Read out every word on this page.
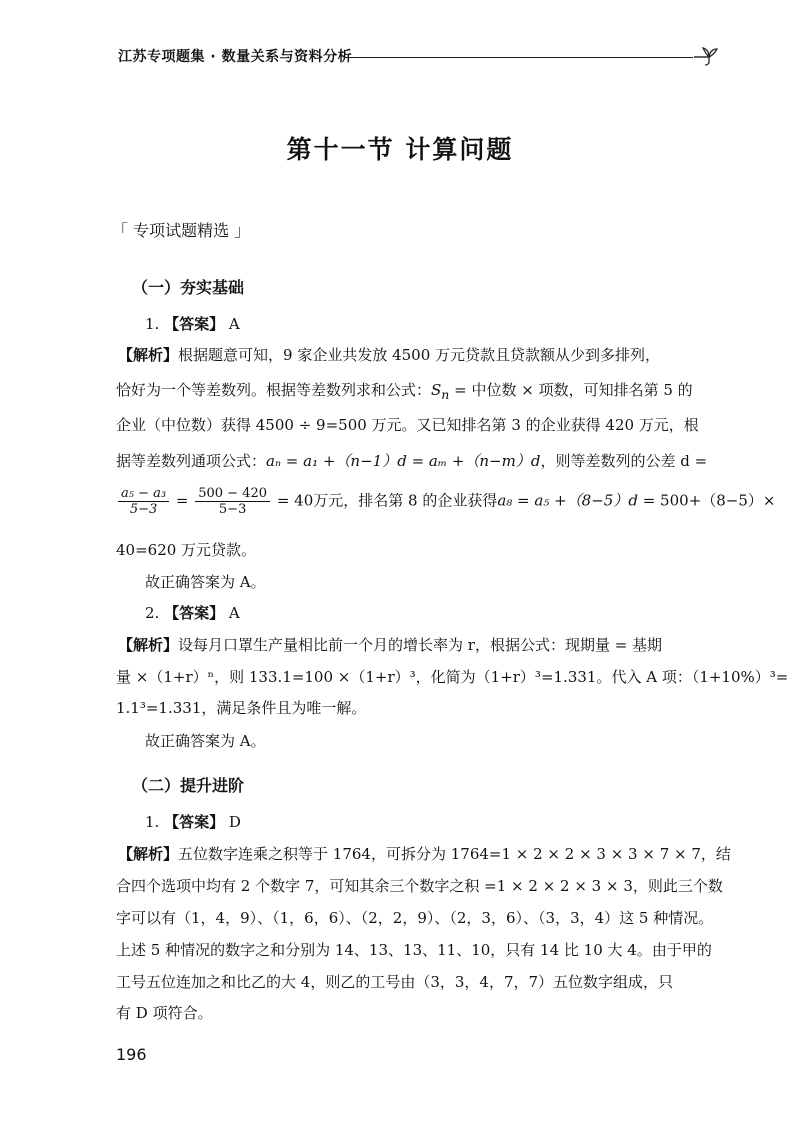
江苏专项题集 · 数量关系与资料分析
第十一节 计算问题
「 专项试题精选 」
（一）夯实基础
1. 【答案】 A
【解析】根据题意可知，9 家企业共发放 4500 万元贷款且贷款额从少到多排列，
恰好为一个等差数列。根据等差数列求和公式：$S_n$ = 中位数 × 项数，可知排名第 5 的
企业（中位数）获得 4500 ÷ 9=500 万元。又已知排名第 3 的企业获得 420 万元，根
据等差数列通项公式：aₙ = a₁ +（n−1）d = aₘ +（n−m）d，则等差数列的公差 d =
$\frac{\text{a₅ − a₃}}{5-3} = \frac{500 - 420}{5-3} = 40$万元，排名第 8 的企业获得a₈ = a₅ +（8−5）d = 500+（8−5）×
40=620 万元贷款。
故正确答案为 A。
2. 【答案】 A
【解析】设每月口罩生产量相比前一个月的增长率为 r，根据公式：现期量 = 基期
量 ×（1+r）ⁿ，则 133.1=100 ×（1+r）³，化简为（1+r）³=1.331。代入 A 项：（1+10%）³=
1.1³=1.331，满足条件且为唯一解。
故正确答案为 A。
（二）提升进阶
1. 【答案】 D
【解析】五位数字连乘之积等于 1764，可拆分为 1764=1 × 2 × 2 × 3 × 3 × 7 × 7，结
合四个选项中均有 2 个数字 7，可知其余三个数字之积 =1 × 2 × 2 × 3 × 3，则此三个数
字可以有（1，4，9）、（1，6，6）、（2，2，9）、（2，3，6）、（3，3，4）这 5 种情况。
上述 5 种情况的数字之和分别为 14、13、13、11、10，只有 14 比 10 大 4。由于甲的
工号五位连加之和比乙的大 4，则乙的工号由（3，3，4，7，7）五位数字组成，只
有 D 项符合。
196
